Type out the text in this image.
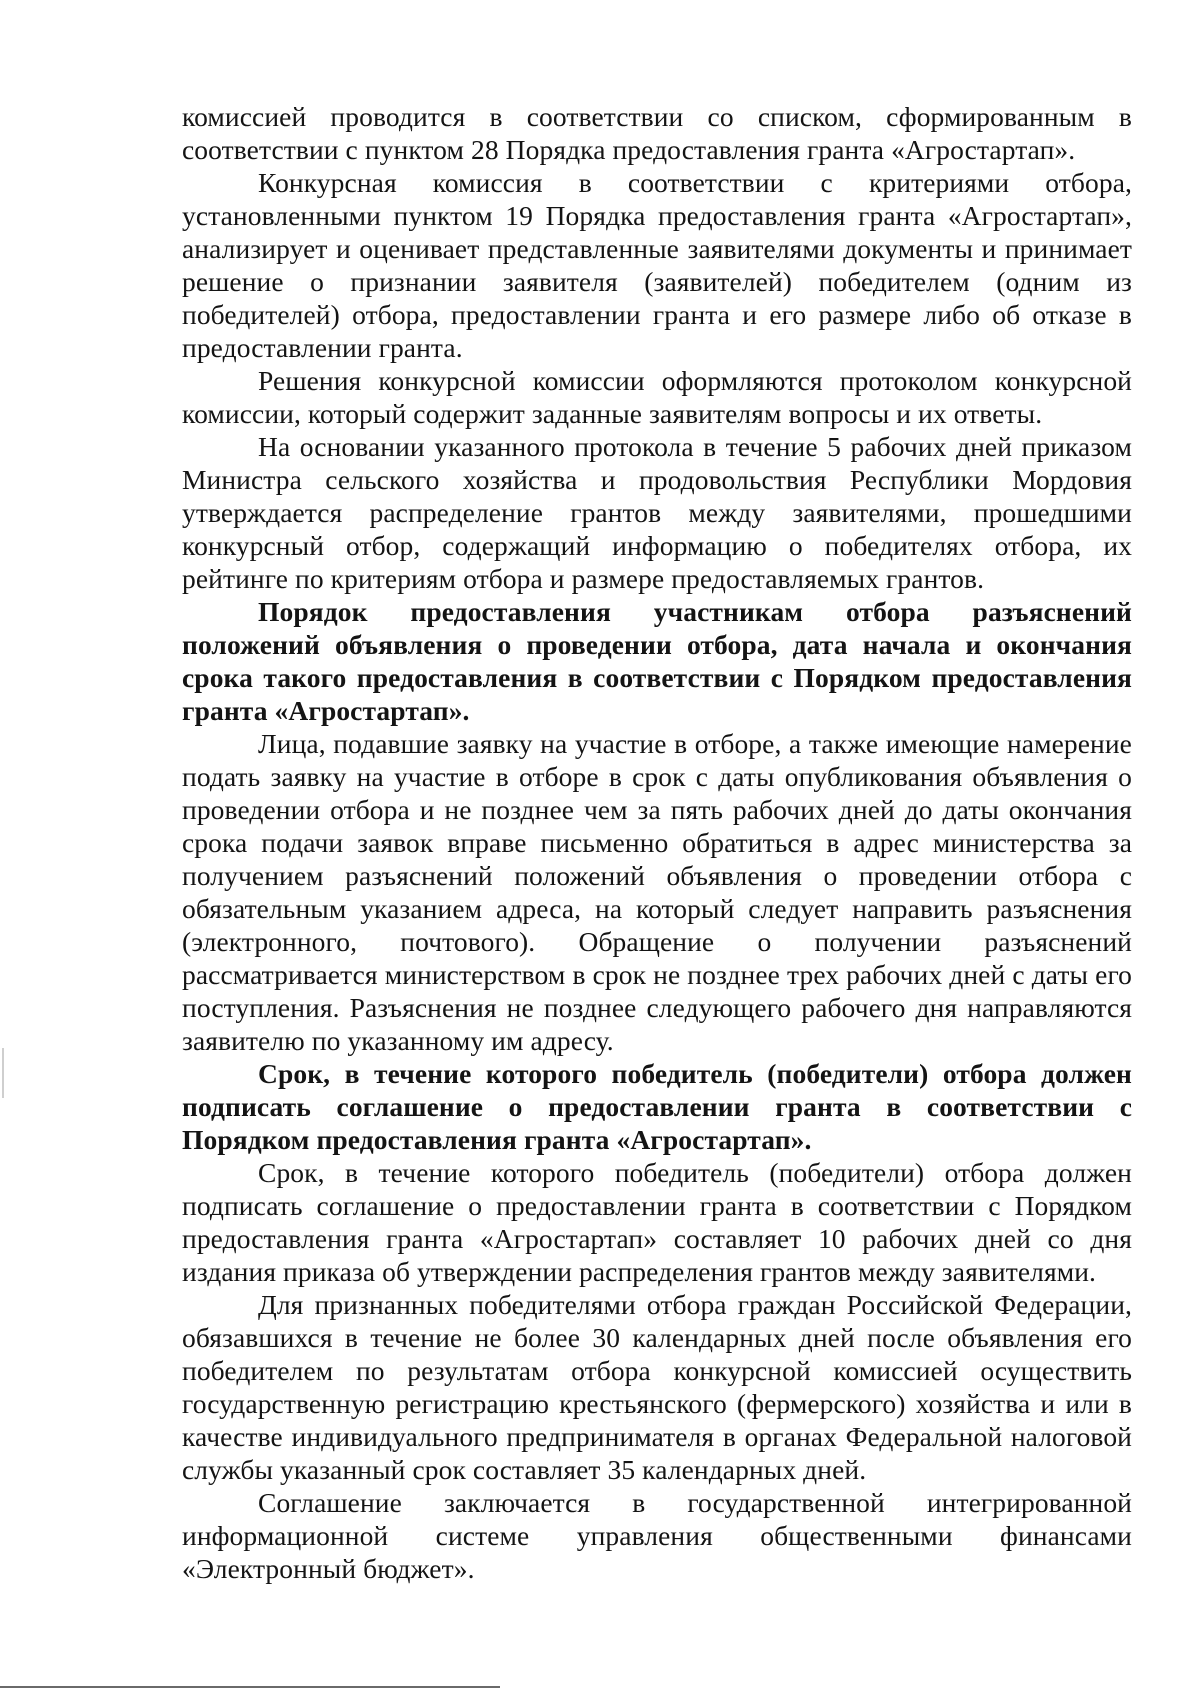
комиссией проводится в соответствии со списком, сформированным в соответствии с пунктом 28 Порядка предоставления гранта «Агростартап».

Конкурсная комиссия в соответствии с критериями отбора, установленными пунктом 19 Порядка предоставления гранта «Агростартап», анализирует и оценивает представленные заявителями документы и принимает решение о признании заявителя (заявителей) победителем (одним из победителей) отбора, предоставлении гранта и его размере либо об отказе в предоставлении гранта.

Решения конкурсной комиссии оформляются протоколом конкурсной комиссии, который содержит заданные заявителям вопросы и их ответы.

На основании указанного протокола в течение 5 рабочих дней приказом Министра сельского хозяйства и продовольствия Республики Мордовия утверждается распределение грантов между заявителями, прошедшими конкурсный отбор, содержащий информацию о победителях отбора, их рейтинге по критериям отбора и размере предоставляемых грантов.

Порядок предоставления участникам отбора разъяснений положений объявления о проведении отбора, дата начала и окончания срока такого предоставления в соответствии с Порядком предоставления гранта «Агростартап».

Лица, подавшие заявку на участие в отборе, а также имеющие намерение подать заявку на участие в отборе в срок с даты опубликования объявления о проведении отбора и не позднее чем за пять рабочих дней до даты окончания срока подачи заявок вправе письменно обратиться в адрес министерства за получением разъяснений положений объявления о проведении отбора с обязательным указанием адреса, на который следует направить разъяснения (электронного, почтового). Обращение о получении разъяснений рассматривается министерством в срок не позднее трех рабочих дней с даты его поступления. Разъяснения не позднее следующего рабочего дня направляются заявителю по указанному им адресу.

Срок, в течение которого победитель (победители) отбора должен подписать соглашение о предоставлении гранта в соответствии с Порядком предоставления гранта «Агростартап».

Срок, в течение которого победитель (победители) отбора должен подписать соглашение о предоставлении гранта в соответствии с Порядком предоставления гранта «Агростартап» составляет 10 рабочих дней со дня издания приказа об утверждении распределения грантов между заявителями.

Для признанных победителями отбора граждан Российской Федерации, обязавшихся в течение не более 30 календарных дней после объявления его победителем по результатам отбора конкурсной комиссией осуществить государственную регистрацию крестьянского (фермерского) хозяйства и или в качестве индивидуального предпринимателя в органах Федеральной налоговой службы указанный срок составляет 35 календарных дней.

Соглашение заключается в государственной интегрированной информационной системе управления общественными финансами «Электронный бюджет».
